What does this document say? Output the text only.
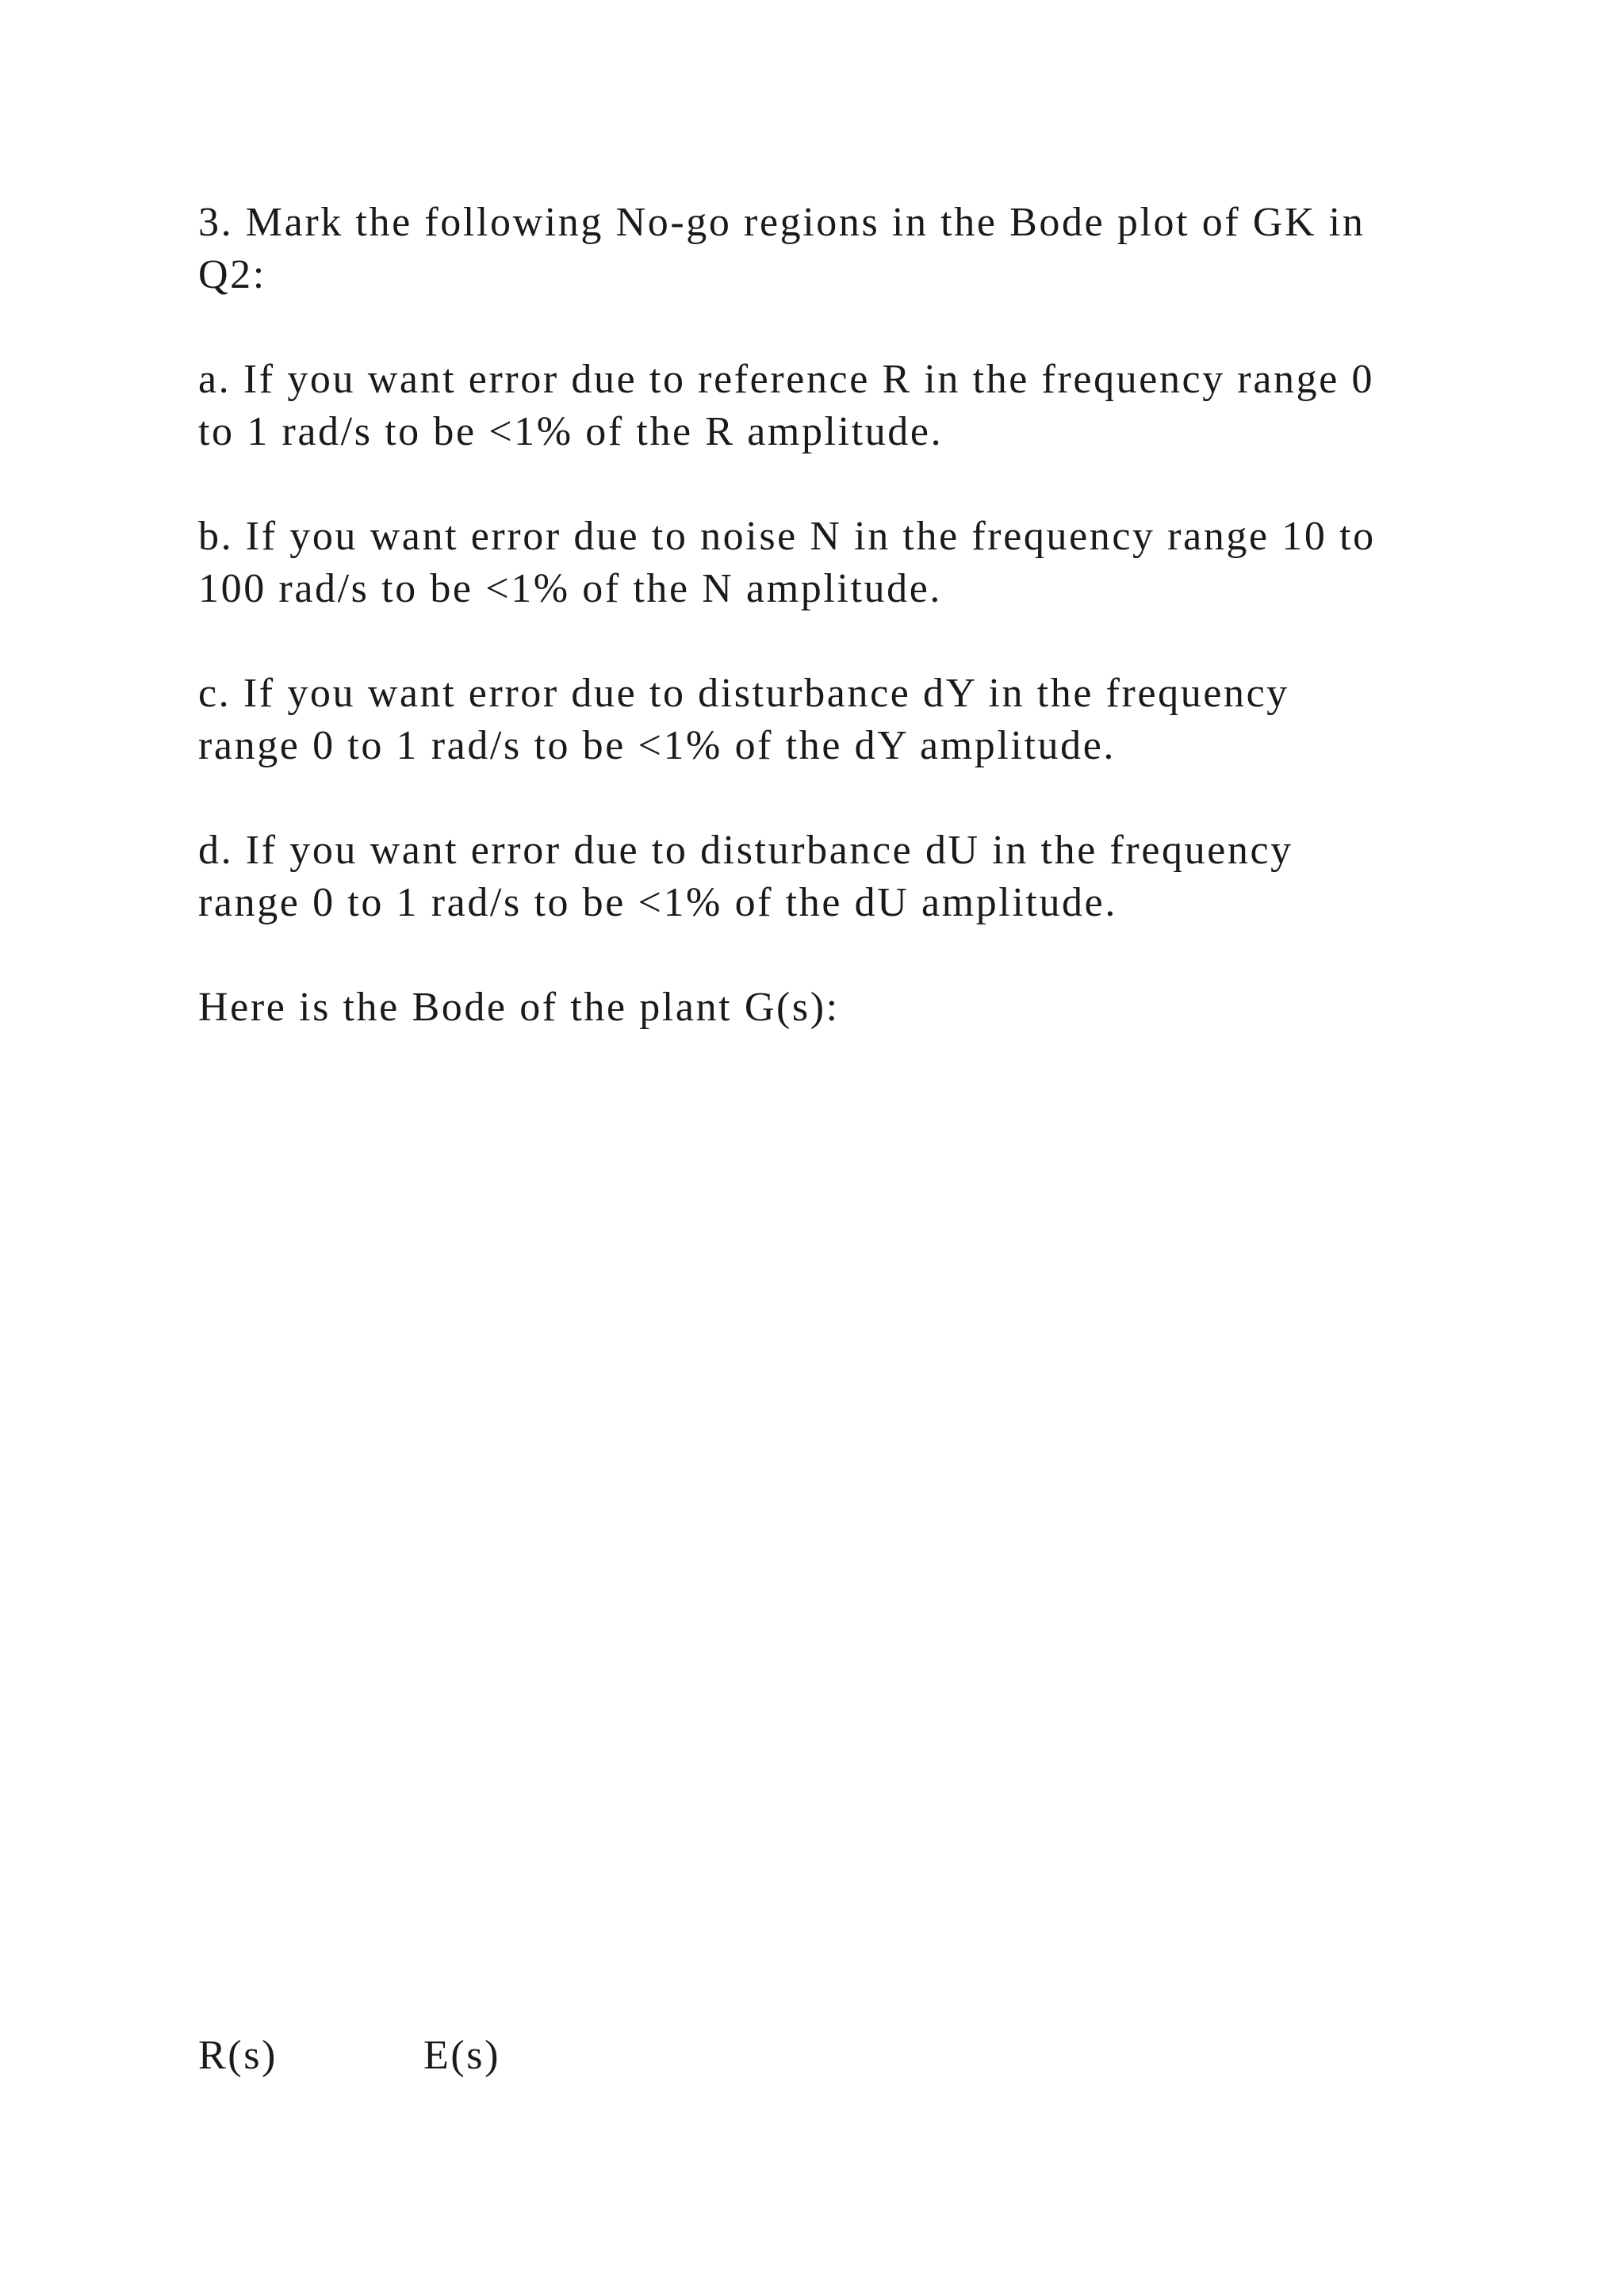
3. Mark the following No-go regions in the Bode plot of GK in
Q2:

a. If you want error due to reference R in the frequency range 0
to 1 rad/s to be <1% of the R amplitude.

b. If you want error due to noise N in the frequency range 10 to
100 rad/s to be <1% of the N amplitude.

c. If you want error due to disturbance dY in the frequency
range 0 to 1 rad/s to be <1% of the dY amplitude.

d. If you want error due to disturbance dU in the frequency
range 0 to 1 rad/s to be <1% of the dU amplitude.

Here is the Bode of the plant G(s):

R(s)	E(s)
